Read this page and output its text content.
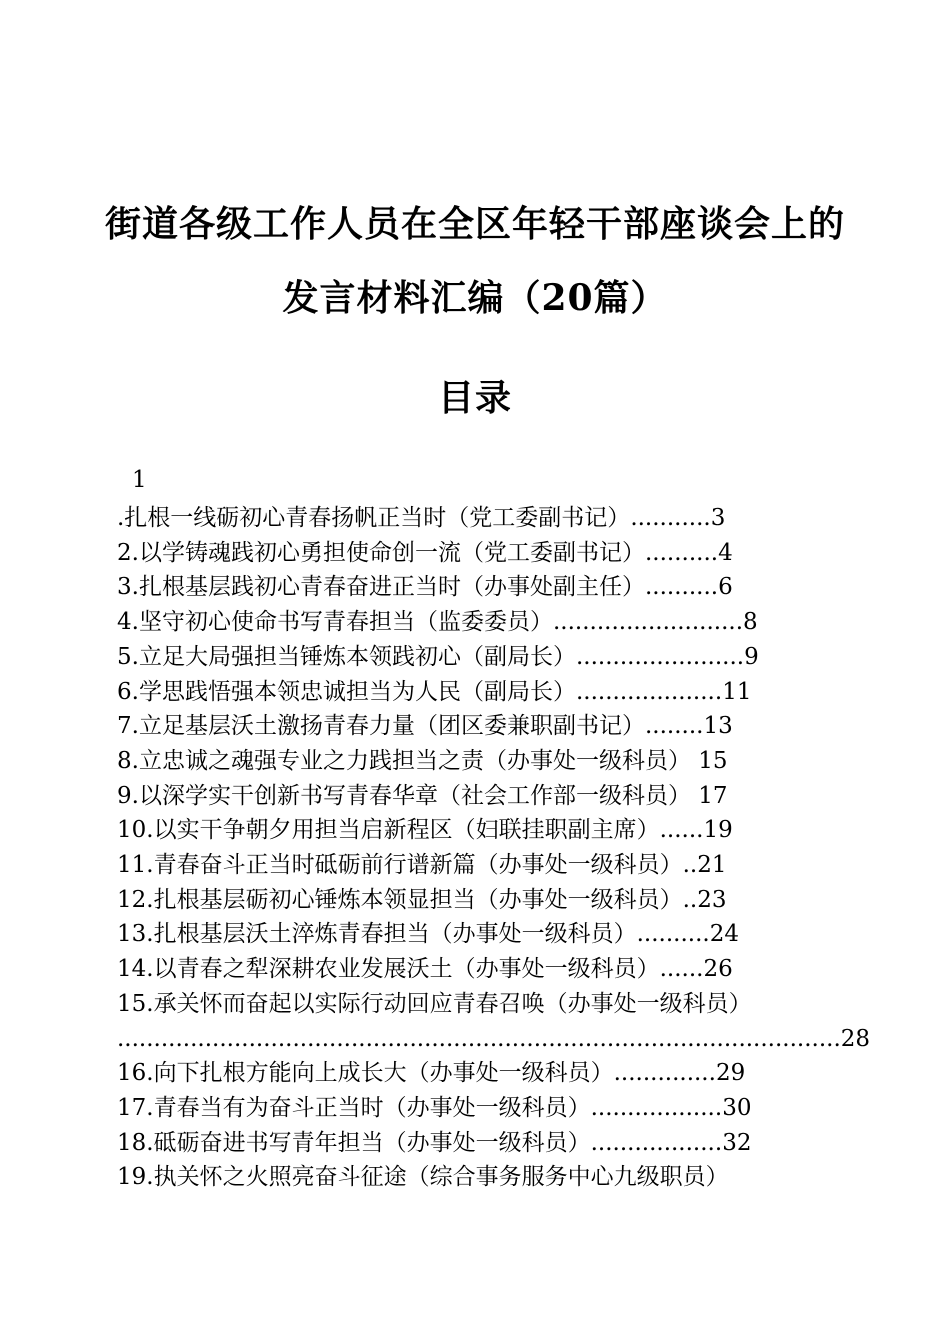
街道各级工作人员在全区年轻干部座谈会上的
发言材料汇编（20篇）
目录
1
.扎根一线砺初心青春扬帆正当时（党工委副书记）...........3
2.以学铸魂践初心勇担使命创一流（党工委副书记）..........4
3.扎根基层践初心青春奋进正当时（办事处副主任）..........6
4.坚守初心使命书写青春担当（监委委员）..........................8
5.立足大局强担当锤炼本领践初心（副局长）.......................9
6.学思践悟强本领忠诚担当为人民（副局长）....................11
7.立足基层沃土激扬青春力量（团区委兼职副书记）........13
8.立忠诚之魂强专业之力践担当之责（办事处一级科员） 15
9.以深学实干创新书写青春华章（社会工作部一级科员） 17
10.以实干争朝夕用担当启新程区（妇联挂职副主席）......19
11.青春奋斗正当时砥砺前行谱新篇（办事处一级科员）..21
12.扎根基层砺初心锤炼本领显担当（办事处一级科员）..23
13.扎根基层沃土淬炼青春担当（办事处一级科员）..........24
14.以青春之犁深耕农业发展沃土（办事处一级科员）......26
15.承关怀而奋起以实际行动回应青春召唤（办事处一级科员）
...................................................................................................28
16.向下扎根方能向上成长大（办事处一级科员）..............29
17.青春当有为奋斗正当时（办事处一级科员）..................30
18.砥砺奋进书写青年担当（办事处一级科员）..................32
19.执关怀之火照亮奋斗征途（综合事务服务中心九级职员）
